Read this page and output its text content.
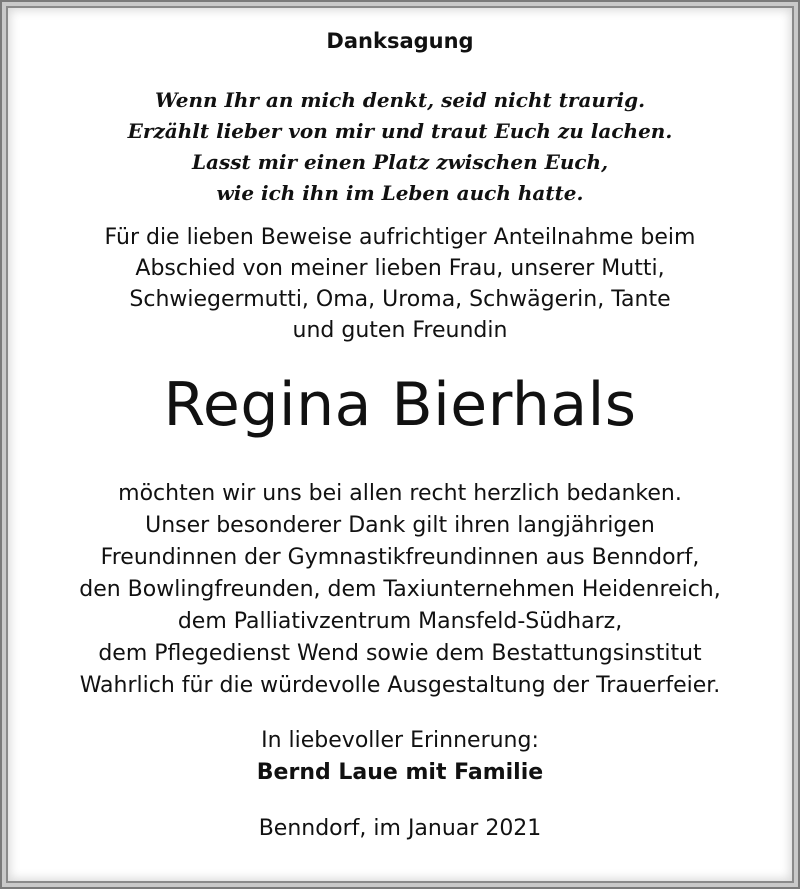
Danksagung
Wenn Ihr an mich denkt, seid nicht traurig.
Erzählt lieber von mir und traut Euch zu lachen.
Lasst mir einen Platz zwischen Euch,
wie ich ihn im Leben auch hatte.
Für die lieben Beweise aufrichtiger Anteilnahme beim
Abschied von meiner lieben Frau, unserer Mutti,
Schwiegermutti, Oma, Uroma, Schwägerin, Tante
und guten Freundin
Regina Bierhals
möchten wir uns bei allen recht herzlich bedanken.
Unser besonderer Dank gilt ihren langjährigen
Freundinnen der Gymnastikfreundinnen aus Benndorf,
den Bowlingfreunden, dem Taxiunternehmen Heidenreich,
dem Palliativzentrum Mansfeld-Südharz,
dem Pflegedienst Wend sowie dem Bestattungsinstitut
Wahrlich für die würdevolle Ausgestaltung der Trauerfeier.
In liebevoller Erinnerung:
Bernd Laue mit Familie
Benndorf, im Januar 2021
